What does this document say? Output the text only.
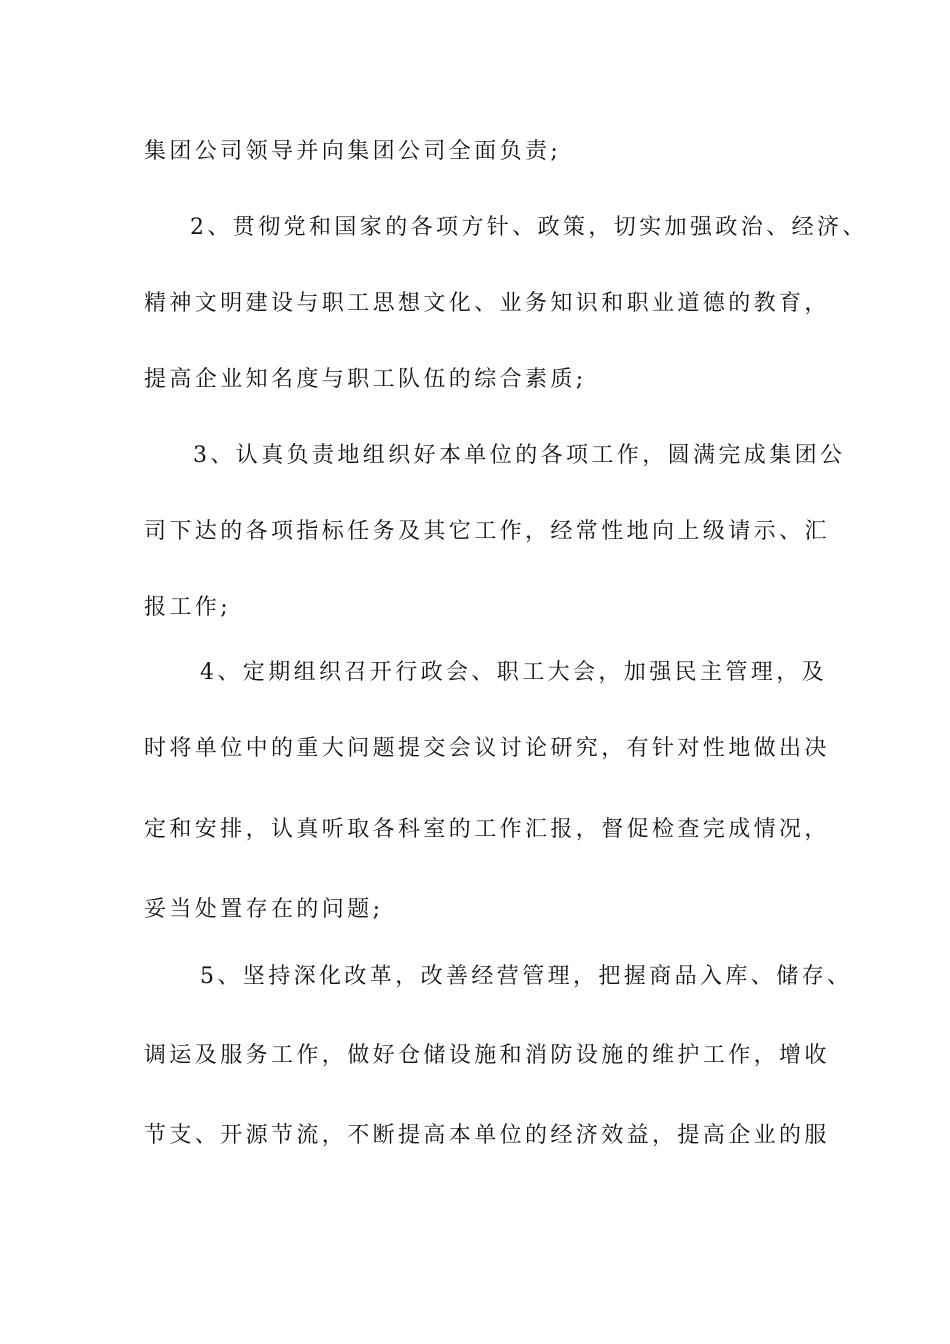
集团公司领导并向集团公司全面负责;
2、贯彻党和国家的各项方针、政策，切实加强政治、经济、
精神文明建设与职工思想文化、业务知识和职业道德的教育，
提高企业知名度与职工队伍的综合素质;
3、认真负责地组织好本单位的各项工作，圆满完成集团公
司下达的各项指标任务及其它工作，经常性地向上级请示、汇
报工作;
4、定期组织召开行政会、职工大会，加强民主管理，及
时将单位中的重大问题提交会议讨论研究，有针对性地做出决
定和安排，认真听取各科室的工作汇报，督促检查完成情况，
妥当处置存在的问题;
5、坚持深化改革，改善经营管理，把握商品入库、储存、
调运及服务工作，做好仓储设施和消防设施的维护工作，增收
节支、开源节流，不断提高本单位的经济效益，提高企业的服
